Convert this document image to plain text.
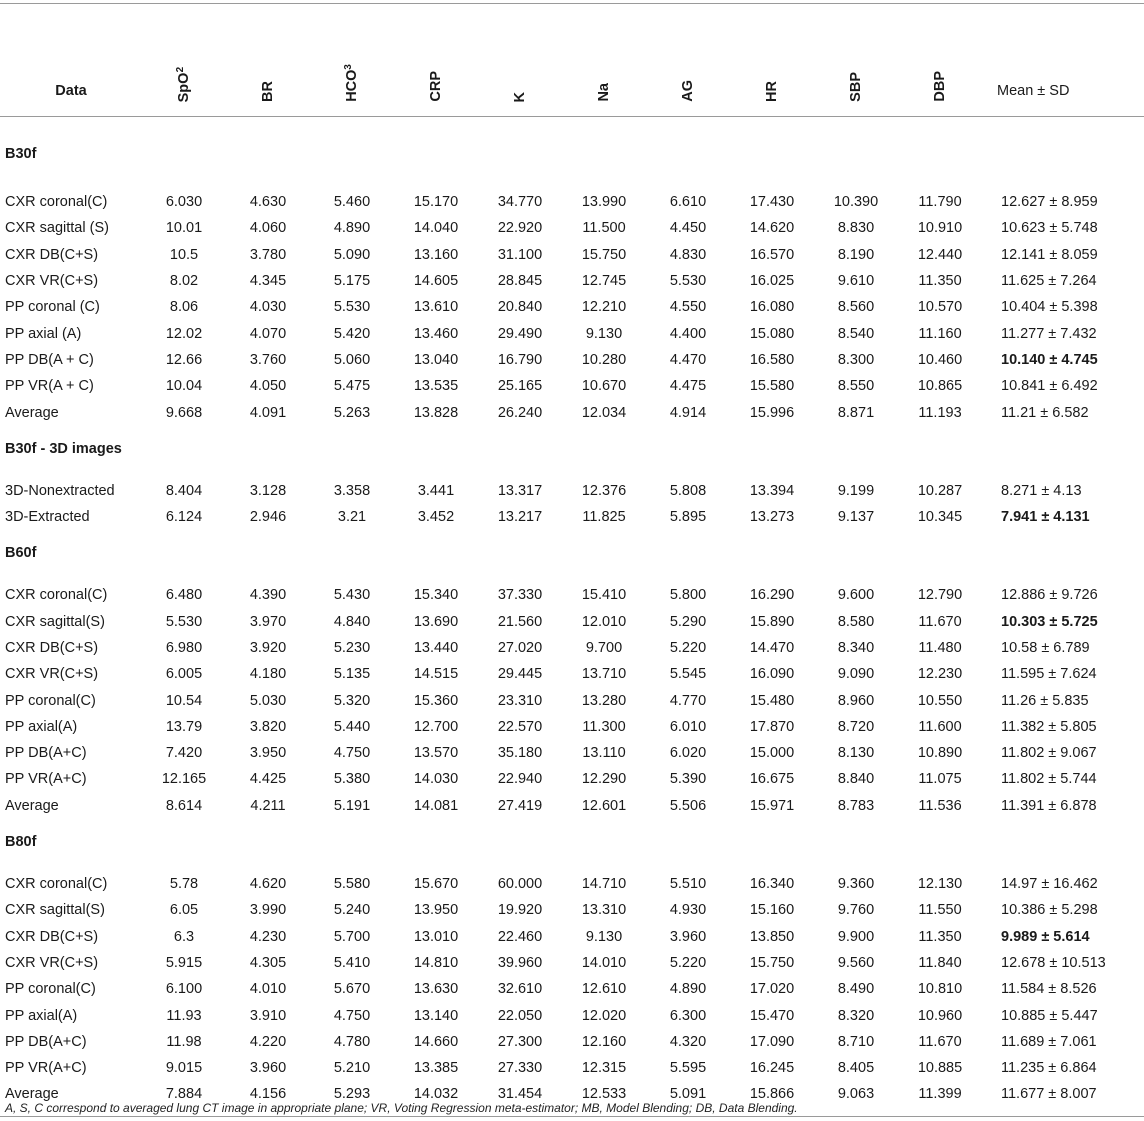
Data	SpO2	BR	HCO3	CRP	K	Na	AG	HR	SBP	DBP	Mean ± SD
B30f											

CXR coronal(C)	6.030	4.630	5.460	15.170	34.770	13.990	6.610	17.430	10.390	11.790	12.627 ± 8.959
CXR sagittal (S)	10.01	4.060	4.890	14.040	22.920	11.500	4.450	14.620	8.830	10.910	10.623 ± 5.748
CXR DB(C+S)	10.5	3.780	5.090	13.160	31.100	15.750	4.830	16.570	8.190	12.440	12.141 ± 8.059
CXR VR(C+S)	8.02	4.345	5.175	14.605	28.845	12.745	5.530	16.025	9.610	11.350	11.625 ± 7.264
PP coronal (C)	8.06	4.030	5.530	13.610	20.840	12.210	4.550	16.080	8.560	10.570	10.404 ± 5.398
PP axial (A)	12.02	4.070	5.420	13.460	29.490	9.130	4.400	15.080	8.540	11.160	11.277 ± 7.432
PP DB(A + C)	12.66	3.760	5.060	13.040	16.790	10.280	4.470	16.580	8.300	10.460	10.140 ± 4.745
PP VR(A + C)	10.04	4.050	5.475	13.535	25.165	10.670	4.475	15.580	8.550	10.865	10.841 ± 6.492
Average	9.668	4.091	5.263	13.828	26.240	12.034	4.914	15.996	8.871	11.193	11.21 ± 6.582
B30f - 3D images											

3D-Nonextracted	8.404	3.128	3.358	3.441	13.317	12.376	5.808	13.394	9.199	10.287	8.271 ± 4.13
3D-Extracted	6.124	2.946	3.21	3.452	13.217	11.825	5.895	13.273	9.137	10.345	7.941 ± 4.131
B60f											

CXR coronal(C)	6.480	4.390	5.430	15.340	37.330	15.410	5.800	16.290	9.600	12.790	12.886 ± 9.726
CXR sagittal(S)	5.530	3.970	4.840	13.690	21.560	12.010	5.290	15.890	8.580	11.670	10.303 ± 5.725
CXR DB(C+S)	6.980	3.920	5.230	13.440	27.020	9.700	5.220	14.470	8.340	11.480	10.58 ± 6.789
CXR VR(C+S)	6.005	4.180	5.135	14.515	29.445	13.710	5.545	16.090	9.090	12.230	11.595 ± 7.624
PP coronal(C)	10.54	5.030	5.320	15.360	23.310	13.280	4.770	15.480	8.960	10.550	11.26 ± 5.835
PP axial(A)	13.79	3.820	5.440	12.700	22.570	11.300	6.010	17.870	8.720	11.600	11.382 ± 5.805
PP DB(A+C)	7.420	3.950	4.750	13.570	35.180	13.110	6.020	15.000	8.130	10.890	11.802 ± 9.067
PP VR(A+C)	12.165	4.425	5.380	14.030	22.940	12.290	5.390	16.675	8.840	11.075	11.802 ± 5.744
Average	8.614	4.211	5.191	14.081	27.419	12.601	5.506	15.971	8.783	11.536	11.391 ± 6.878
B80f											

CXR coronal(C)	5.78	4.620	5.580	15.670	60.000	14.710	5.510	16.340	9.360	12.130	14.97 ± 16.462
CXR sagittal(S)	6.05	3.990	5.240	13.950	19.920	13.310	4.930	15.160	9.760	11.550	10.386 ± 5.298
CXR DB(C+S)	6.3	4.230	5.700	13.010	22.460	9.130	3.960	13.850	9.900	11.350	9.989 ± 5.614
CXR VR(C+S)	5.915	4.305	5.410	14.810	39.960	14.010	5.220	15.750	9.560	11.840	12.678 ± 10.513
PP coronal(C)	6.100	4.010	5.670	13.630	32.610	12.610	4.890	17.020	8.490	10.810	11.584 ± 8.526
PP axial(A)	11.93	3.910	4.750	13.140	22.050	12.020	6.300	15.470	8.320	10.960	10.885 ± 5.447
PP DB(A+C)	11.98	4.220	4.780	14.660	27.300	12.160	4.320	17.090	8.710	11.670	11.689 ± 7.061
PP VR(A+C)	9.015	3.960	5.210	13.385	27.330	12.315	5.595	16.245	8.405	10.885	11.235 ± 6.864
Average	7.884	4.156	5.293	14.032	31.454	12.533	5.091	15.866	9.063	11.399	11.677 ± 8.007

A, S, C correspond to averaged lung CT image in appropriate plane; VR, Voting Regression meta-estimator; MB, Model Blending; DB, Data Blending.
